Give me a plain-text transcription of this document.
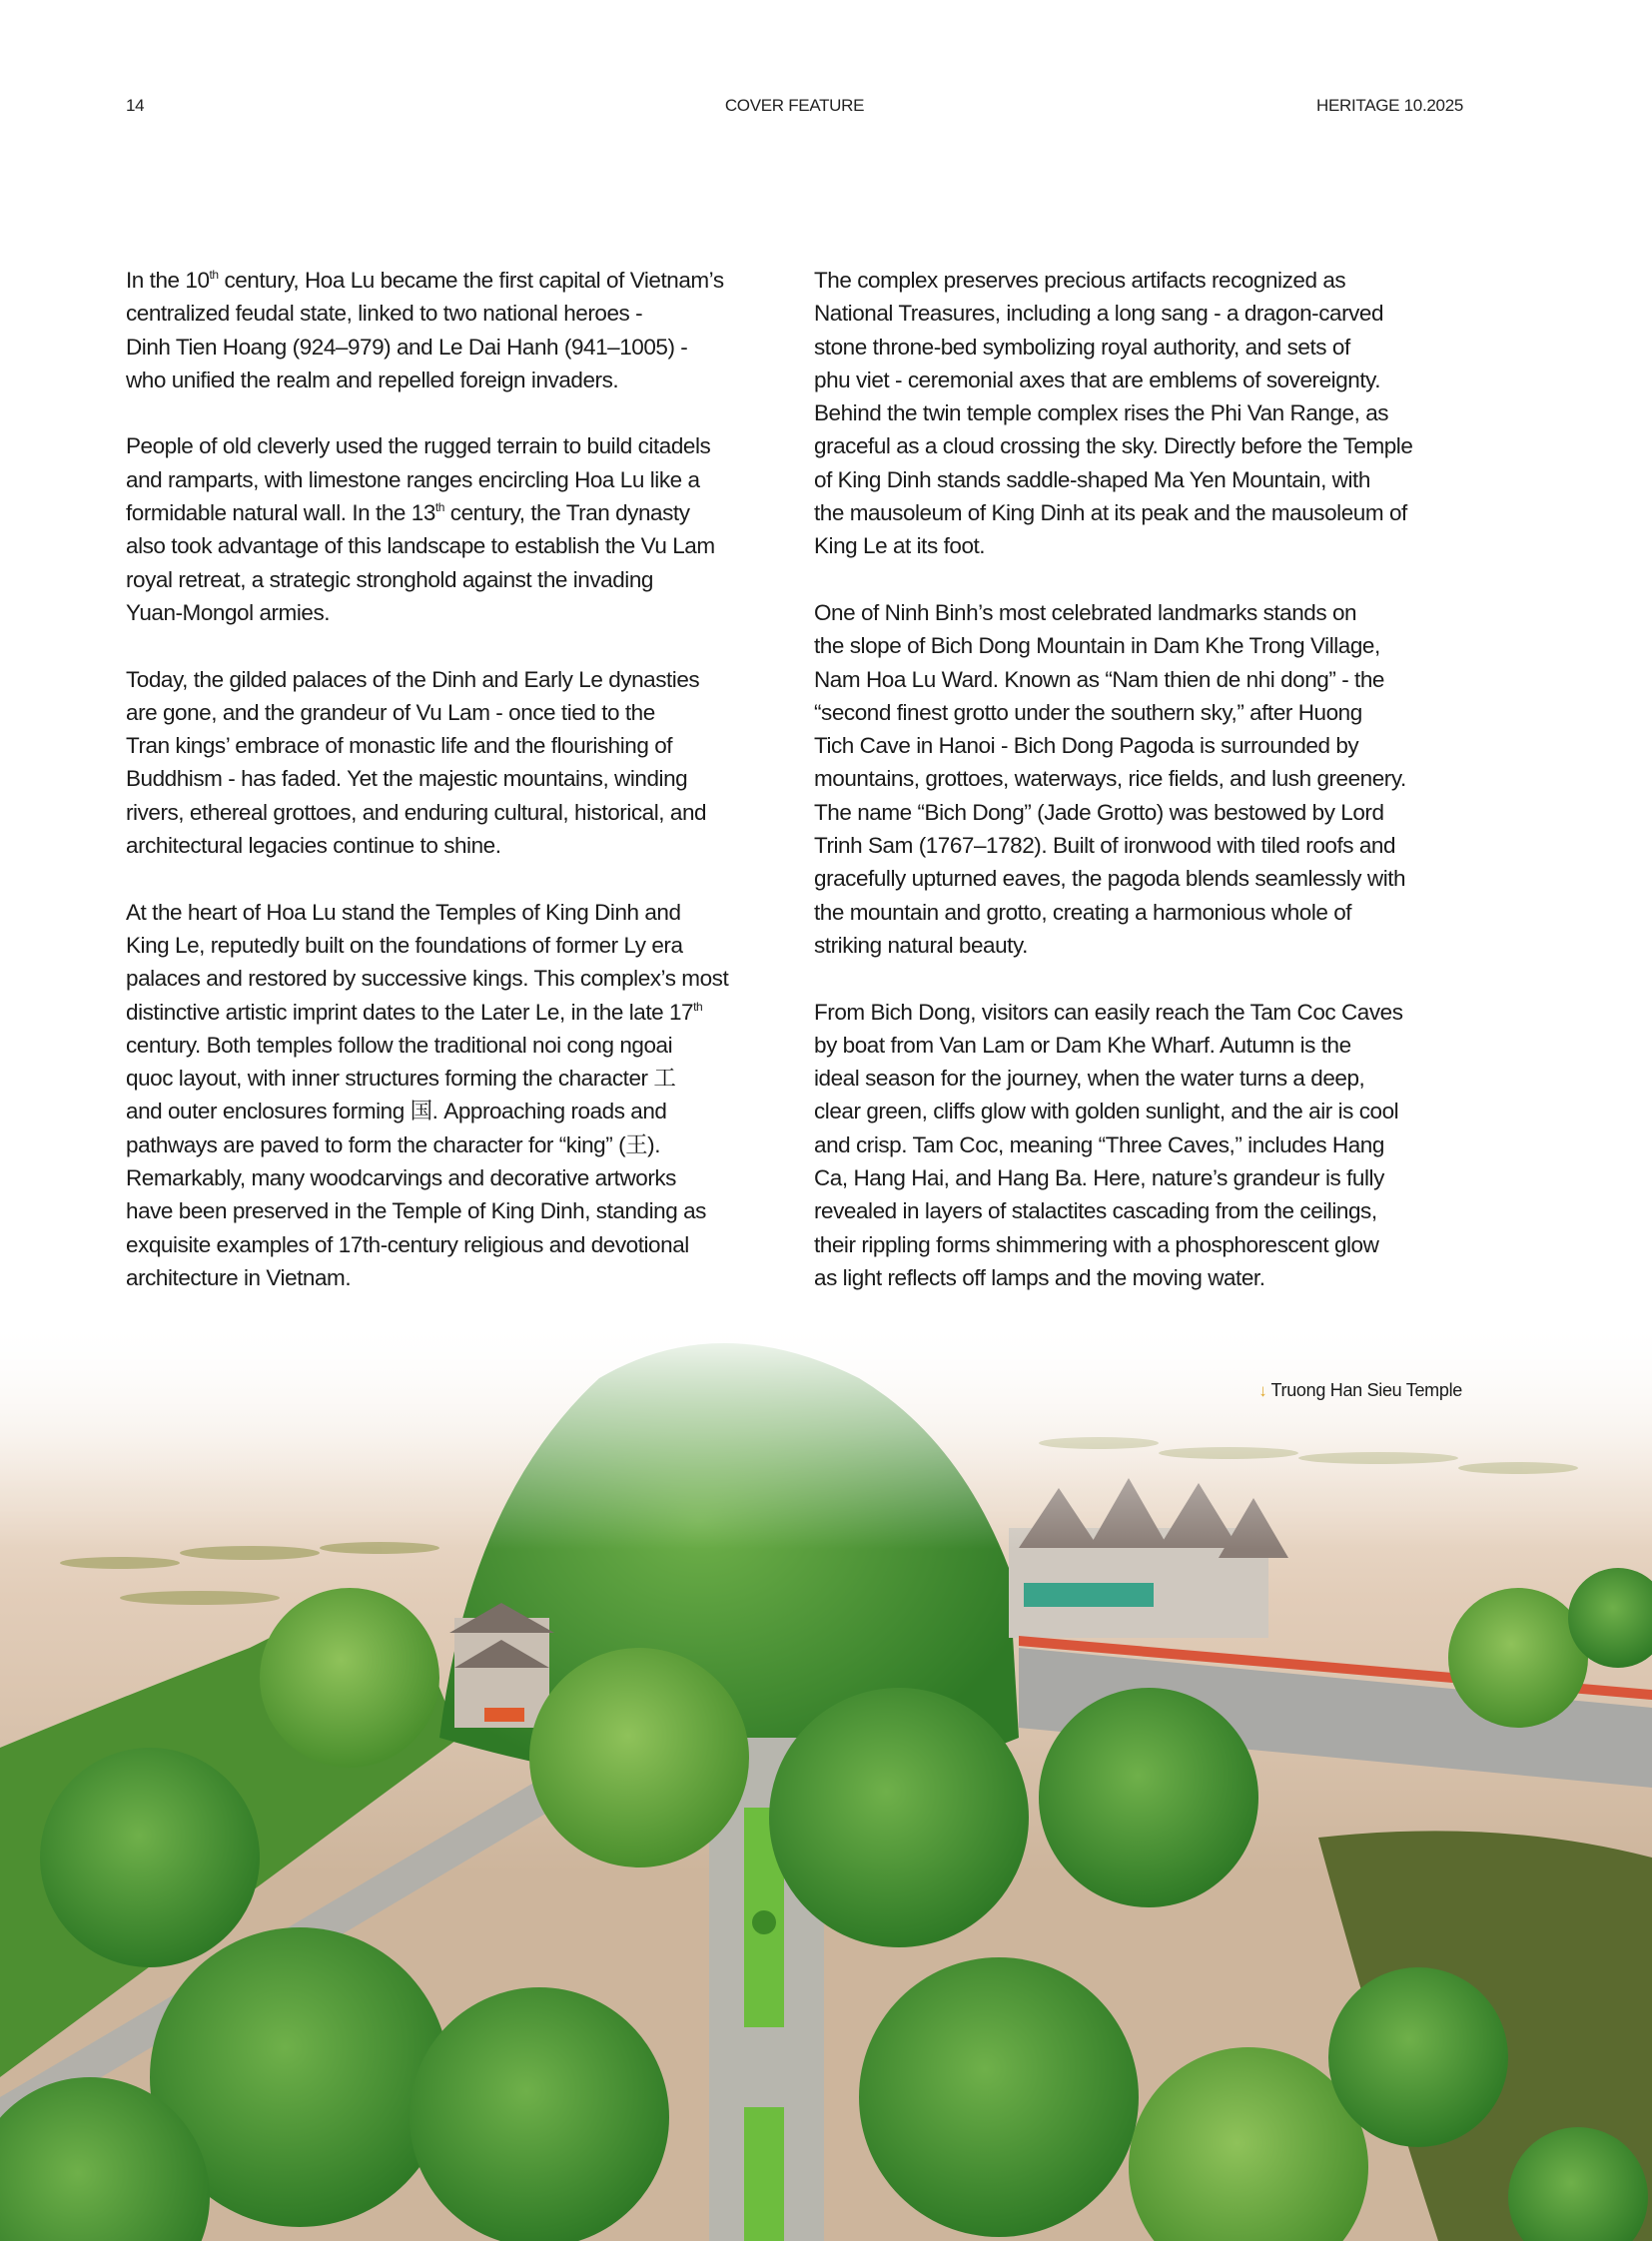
14	COVER FEATURE	HERITAGE 10.2025

In the 10th century, Hoa Lu became the first capital of Vietnam’s
centralized feudal state, linked to two national heroes -
Dinh Tien Hoang (924–979) and Le Dai Hanh (941–1005) -
who unified the realm and repelled foreign invaders.

People of old cleverly used the rugged terrain to build citadels
and ramparts, with limestone ranges encircling Hoa Lu like a
formidable natural wall. In the 13th century, the Tran dynasty
also took advantage of this landscape to establish the Vu Lam
royal retreat, a strategic stronghold against the invading
Yuan-Mongol armies.

Today, the gilded palaces of the Dinh and Early Le dynasties
are gone, and the grandeur of Vu Lam - once tied to the
Tran kings’ embrace of monastic life and the flourishing of
Buddhism - has faded. Yet the majestic mountains, winding
rivers, ethereal grottoes, and enduring cultural, historical, and
architectural legacies continue to shine.

At the heart of Hoa Lu stand the Temples of King Dinh and
King Le, reputedly built on the foundations of former Ly era
palaces and restored by successive kings. This complex’s most
distinctive artistic imprint dates to the Later Le, in the late 17th
century. Both temples follow the traditional noi cong ngoai
quoc layout, with inner structures forming the character 工
and outer enclosures forming 国. Approaching roads and
pathways are paved to form the character for “king” (王).
Remarkably, many woodcarvings and decorative artworks
have been preserved in the Temple of King Dinh, standing as
exquisite examples of 17th-century religious and devotional
architecture in Vietnam.

The complex preserves precious artifacts recognized as
National Treasures, including a long sang - a dragon-carved
stone throne-bed symbolizing royal authority, and sets of
phu viet - ceremonial axes that are emblems of sovereignty.
Behind the twin temple complex rises the Phi Van Range, as
graceful as a cloud crossing the sky. Directly before the Temple
of King Dinh stands saddle-shaped Ma Yen Mountain, with
the mausoleum of King Dinh at its peak and the mausoleum of
King Le at its foot.

One of Ninh Binh’s most celebrated landmarks stands on
the slope of Bich Dong Mountain in Dam Khe Trong Village,
Nam Hoa Lu Ward. Known as “Nam thien de nhi dong” - the
“second finest grotto under the southern sky,” after Huong
Tich Cave in Hanoi - Bich Dong Pagoda is surrounded by
mountains, grottoes, waterways, rice fields, and lush greenery.
The name “Bich Dong” (Jade Grotto) was bestowed by Lord
Trinh Sam (1767–1782). Built of ironwood with tiled roofs and
gracefully upturned eaves, the pagoda blends seamlessly with
the mountain and grotto, creating a harmonious whole of
striking natural beauty.

From Bich Dong, visitors can easily reach the Tam Coc Caves
by boat from Van Lam or Dam Khe Wharf. Autumn is the
ideal season for the journey, when the water turns a deep,
clear green, cliffs glow with golden sunlight, and the air is cool
and crisp. Tam Coc, meaning “Three Caves,” includes Hang
Ca, Hang Hai, and Hang Ba. Here, nature’s grandeur is fully
revealed in layers of stalactites cascading from the ceilings,
their rippling forms shimmering with a phosphorescent glow
as light reflects off lamps and the moving water.

↓ Truong Han Sieu Temple
